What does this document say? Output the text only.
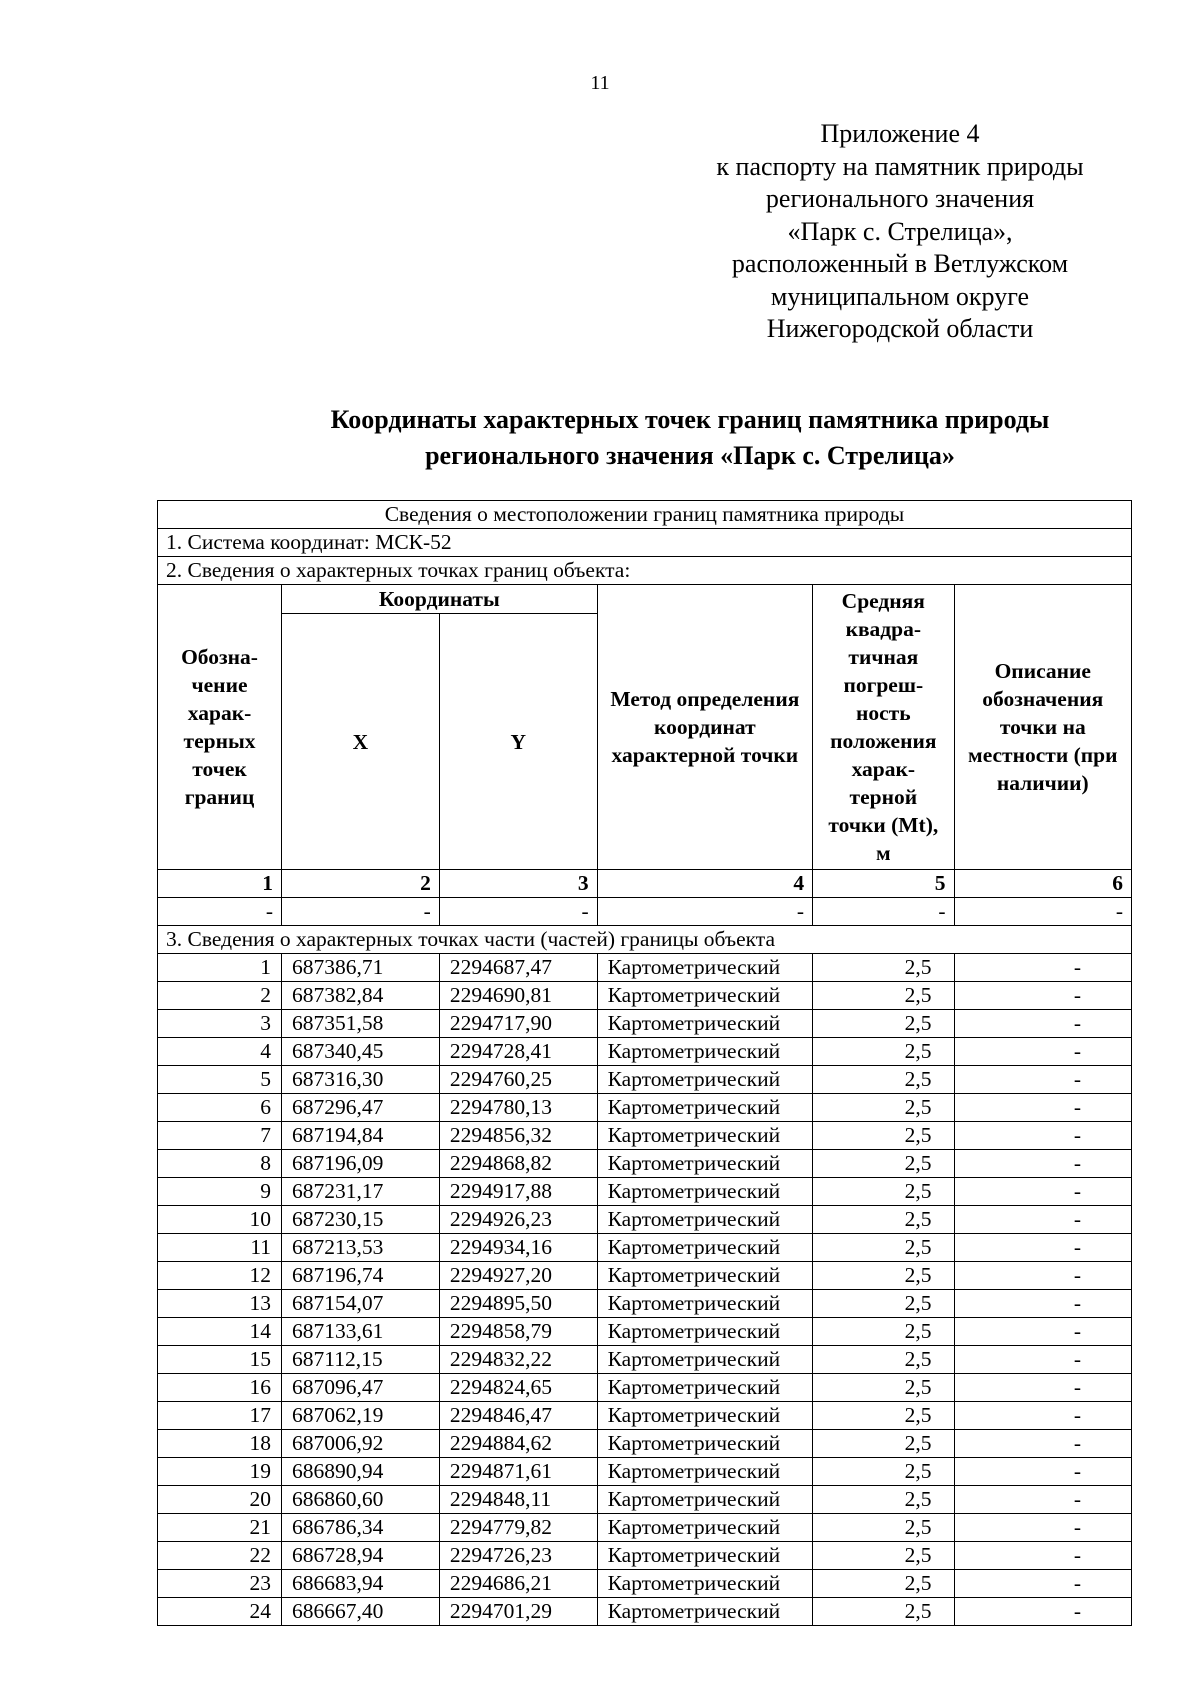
11
Приложение 4
к паспорту на памятник природы
регионального значения
«Парк с. Стрелица»,
расположенный в Ветлужском
муниципальном округе
Нижегородской области
Координаты характерных точек границ памятника природы
регионального значения «Парк с. Стрелица»
Сведения о местоположении границ памятника природы					
1. Система координат: МСК-52					
2. Сведения о характерных точках границ объекта:					
Обозна-чение харак-терных точек границ	Координаты		Метод определения координат характерной точки	Средняя квадра-тичная погреш-ность положения харак-терной точки (Mt), м	Описание обозначения точки на местности (при наличии)
	X	Y			
1	2	3	4	5	6
-	-	-	-	-	-
3. Сведения о характерных точках части (частей) границы объекта					
1	687386,71	2294687,47	Картометрический	2,5	-
2	687382,84	2294690,81	Картометрический	2,5	-
3	687351,58	2294717,90	Картометрический	2,5	-
4	687340,45	2294728,41	Картометрический	2,5	-
5	687316,30	2294760,25	Картометрический	2,5	-
6	687296,47	2294780,13	Картометрический	2,5	-
7	687194,84	2294856,32	Картометрический	2,5	-
8	687196,09	2294868,82	Картометрический	2,5	-
9	687231,17	2294917,88	Картометрический	2,5	-
10	687230,15	2294926,23	Картометрический	2,5	-
11	687213,53	2294934,16	Картометрический	2,5	-
12	687196,74	2294927,20	Картометрический	2,5	-
13	687154,07	2294895,50	Картометрический	2,5	-
14	687133,61	2294858,79	Картометрический	2,5	-
15	687112,15	2294832,22	Картометрический	2,5	-
16	687096,47	2294824,65	Картометрический	2,5	-
17	687062,19	2294846,47	Картометрический	2,5	-
18	687006,92	2294884,62	Картометрический	2,5	-
19	686890,94	2294871,61	Картометрический	2,5	-
20	686860,60	2294848,11	Картометрический	2,5	-
21	686786,34	2294779,82	Картометрический	2,5	-
22	686728,94	2294726,23	Картометрический	2,5	-
23	686683,94	2294686,21	Картометрический	2,5	-
24	686667,40	2294701,29	Картометрический	2,5	-
